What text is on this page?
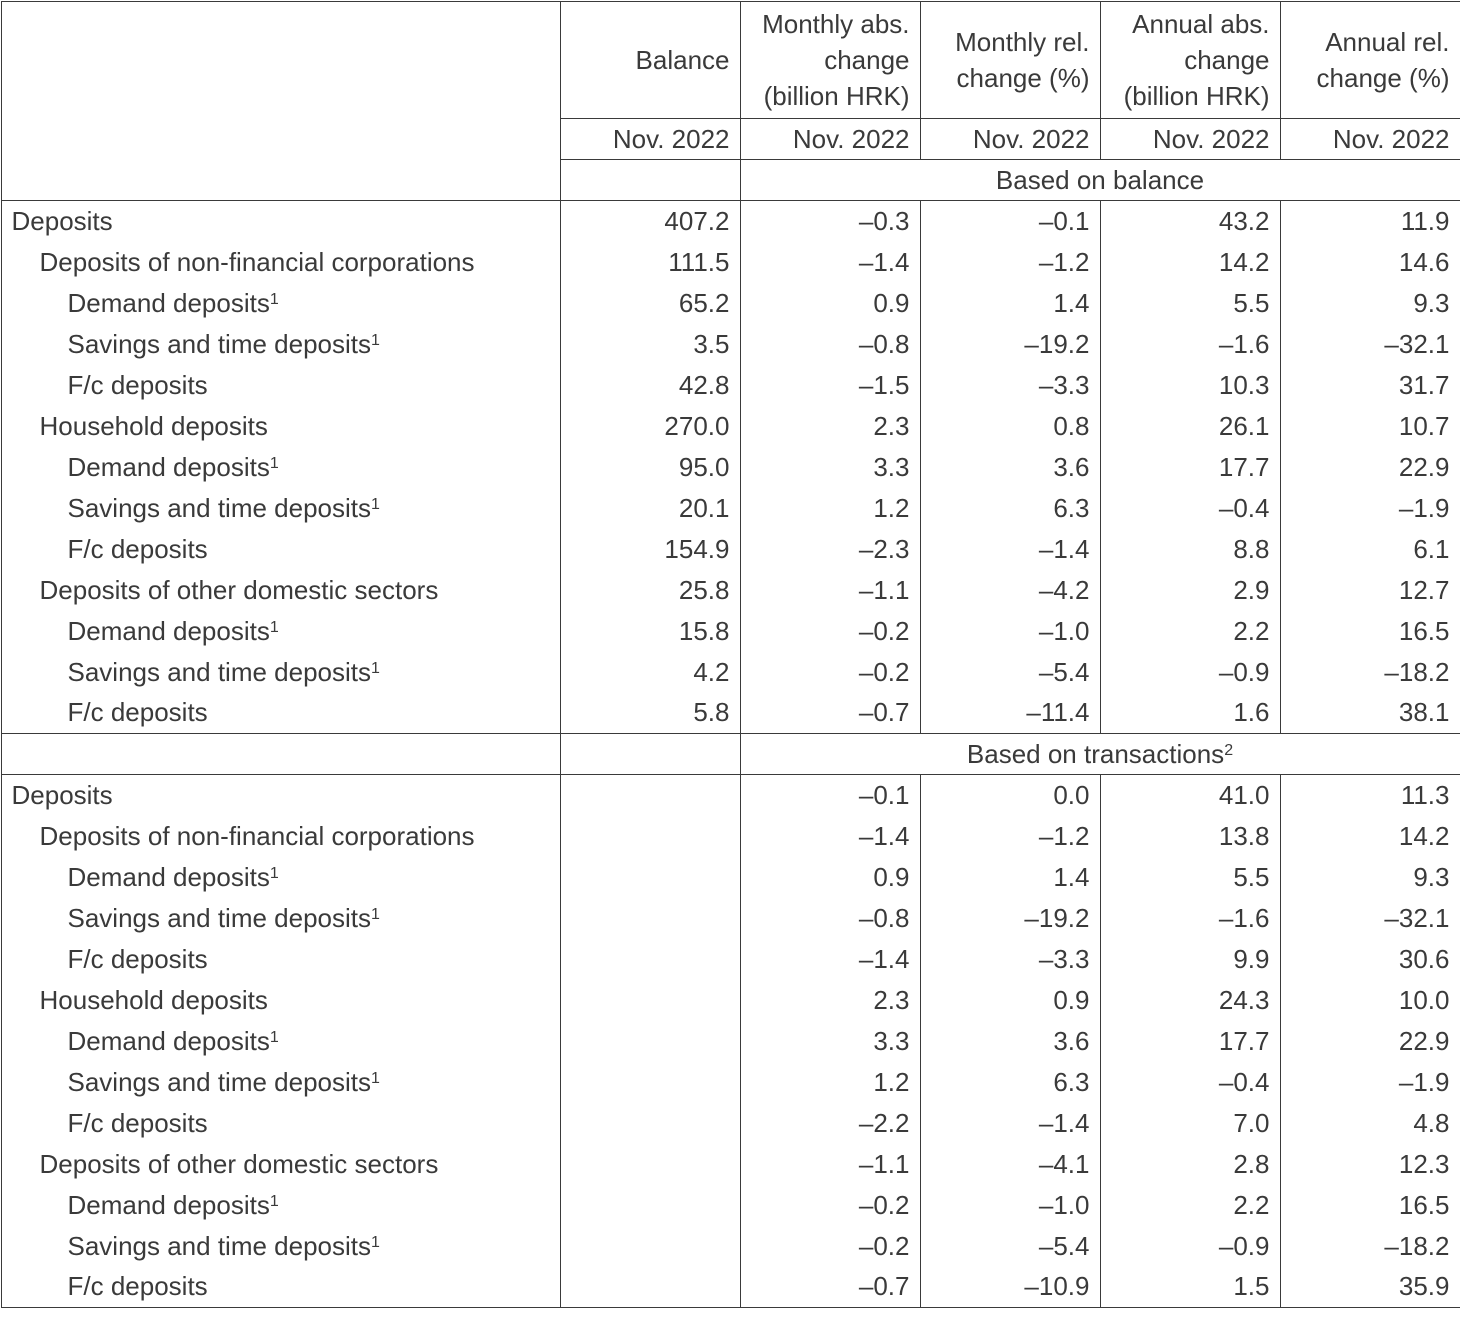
	Balance	Monthly abs. change (billion HRK)	Monthly rel. change (%)	Annual abs. change (billion HRK)	Annual rel. change (%)
	Nov. 2022	Nov. 2022	Nov. 2022	Nov. 2022	Nov. 2022
		Based on balance			
Deposits	407.2	–0.3	–0.1	43.2	11.9
Deposits of non-financial corporations	111.5	–1.4	–1.2	14.2	14.6
Demand deposits$^1$	65.2	0.9	1.4	5.5	9.3
Savings and time deposits$^1$	3.5	–0.8	–19.2	–1.6	–32.1
F/c deposits	42.8	–1.5	–3.3	10.3	31.7
Household deposits	270.0	2.3	0.8	26.1	10.7
Demand deposits$^1$	95.0	3.3	3.6	17.7	22.9
Savings and time deposits$^1$	20.1	1.2	6.3	–0.4	–1.9
F/c deposits	154.9	–2.3	–1.4	8.8	6.1
Deposits of other domestic sectors	25.8	–1.1	–4.2	2.9	12.7
Demand deposits$^1$	15.8	–0.2	–1.0	2.2	16.5
Savings and time deposits$^1$	4.2	–0.2	–5.4	–0.9	–18.2
F/c deposits	5.8	–0.7	–11.4	1.6	38.1
		Based on transactions$^2$
Deposits		–0.1	0.0	41.0	11.3
Deposits of non-financial corporations		–1.4	–1.2	13.8	14.2
Demand deposits$^1$		0.9	1.4	5.5	9.3
Savings and time deposits$^1$		–0.8	–19.2	–1.6	–32.1
F/c deposits		–1.4	–3.3	9.9	30.6
Household deposits		2.3	0.9	24.3	10.0
Demand deposits$^1$		3.3	3.6	17.7	22.9
Savings and time deposits$^1$		1.2	6.3	–0.4	–1.9
F/c deposits		–2.2	–1.4	7.0	4.8
Deposits of other domestic sectors		–1.1	–4.1	2.8	12.3
Demand deposits$^1$		–0.2	–1.0	2.2	16.5
Savings and time deposits$^1$		–0.2	–5.4	–0.9	–18.2
F/c deposits		–0.7	–10.9	1.5	35.9
